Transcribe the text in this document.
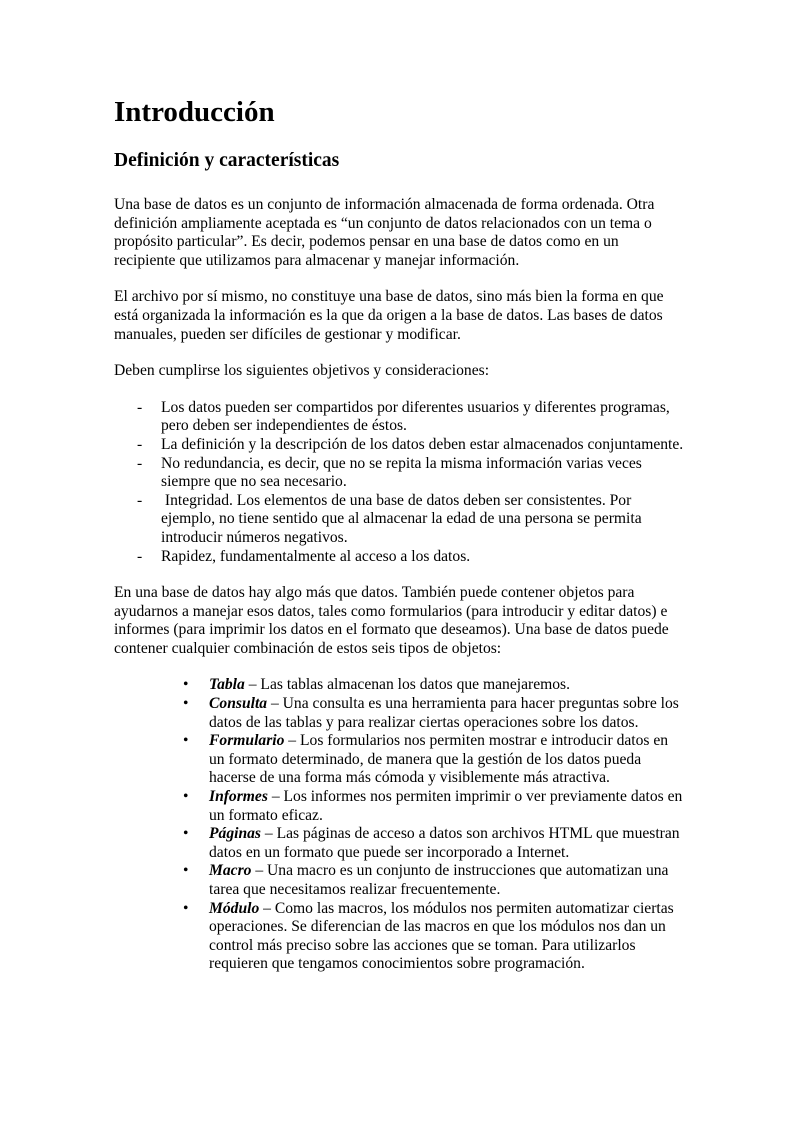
Introducción
Definición y características

Una base de datos es un conjunto de información almacenada de forma ordenada. Otra definición ampliamente aceptada es “un conjunto de datos relacionados con un tema o propósito particular”. Es decir, podemos pensar en una base de datos como en un recipiente que utilizamos para almacenar y manejar información.

El archivo por sí mismo, no constituye una base de datos, sino más bien la forma en que está organizada la información es la que da origen a la base de datos. Las bases de datos manuales, pueden ser difíciles de gestionar y modificar.

Deben cumplirse los siguientes objetivos y consideraciones:

- Los datos pueden ser compartidos por diferentes usuarios y diferentes programas, pero deben ser independientes de éstos.
- La definición y la descripción de los datos deben estar almacenados conjuntamente.
- No redundancia, es decir, que no se repita la misma información varias veces siempre que no sea necesario.
- Integridad. Los elementos de una base de datos deben ser consistentes. Por ejemplo, no tiene sentido que al almacenar la edad de una persona se permita introducir números negativos.
- Rapidez, fundamentalmente al acceso a los datos.

En una base de datos hay algo más que datos. También puede contener objetos para ayudarnos a manejar esos datos, tales como formularios (para introducir y editar datos) e informes (para imprimir los datos en el formato que deseamos). Una base de datos puede contener cualquier combinación de estos seis tipos de objetos:

• Tabla – Las tablas almacenan los datos que manejaremos.
• Consulta – Una consulta es una herramienta para hacer preguntas sobre los datos de las tablas y para realizar ciertas operaciones sobre los datos.
• Formulario – Los formularios nos permiten mostrar e introducir datos en un formato determinado, de manera que la gestión de los datos pueda hacerse de una forma más cómoda y visiblemente más atractiva.
• Informes – Los informes nos permiten imprimir o ver previamente datos en un formato eficaz.
• Páginas – Las páginas de acceso a datos son archivos HTML que muestran datos en un formato que puede ser incorporado a Internet.
• Macro – Una macro es un conjunto de instrucciones que automatizan una tarea que necesitamos realizar frecuentemente.
• Módulo – Como las macros, los módulos nos permiten automatizar ciertas operaciones. Se diferencian de las macros en que los módulos nos dan un control más preciso sobre las acciones que se toman. Para utilizarlos requieren que tengamos conocimientos sobre programación.
